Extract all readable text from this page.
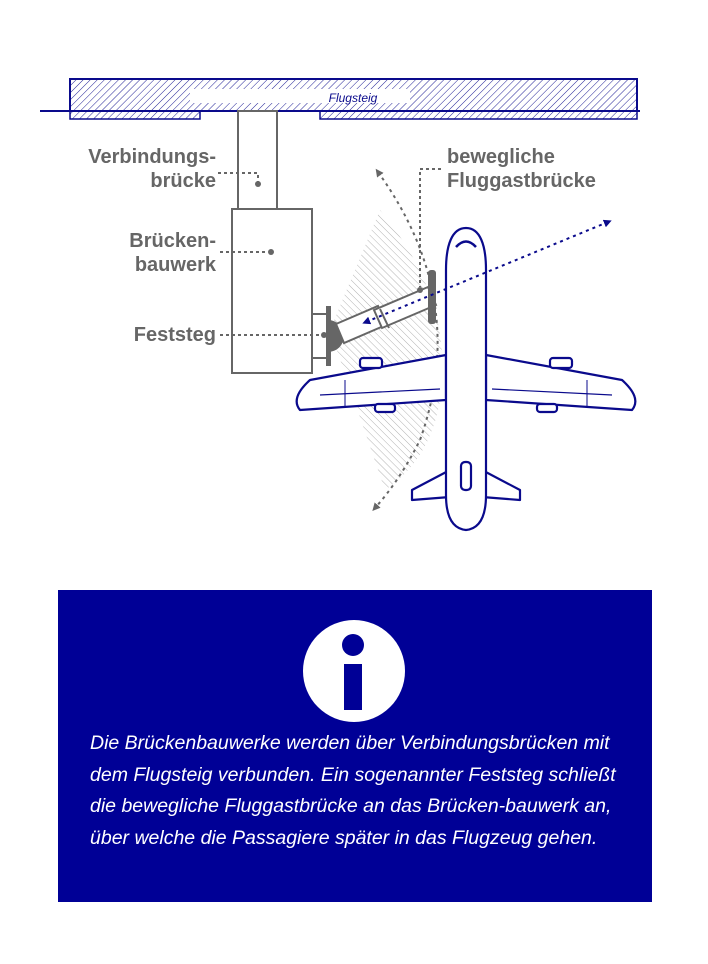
Flugsteig
Verbindungs-
brücke
Brücken-
bauwerk
Feststeg
bewegliche
Fluggastbrücke

Die Brückenbauwerke werden über Verbindungsbrücken mit dem Flugsteig verbunden. Ein sogenannter Feststeg schließt die bewegliche Fluggastbrücke an das Brücken-bauwerk an, über welche die Passagiere später in das Flugzeug gehen.
